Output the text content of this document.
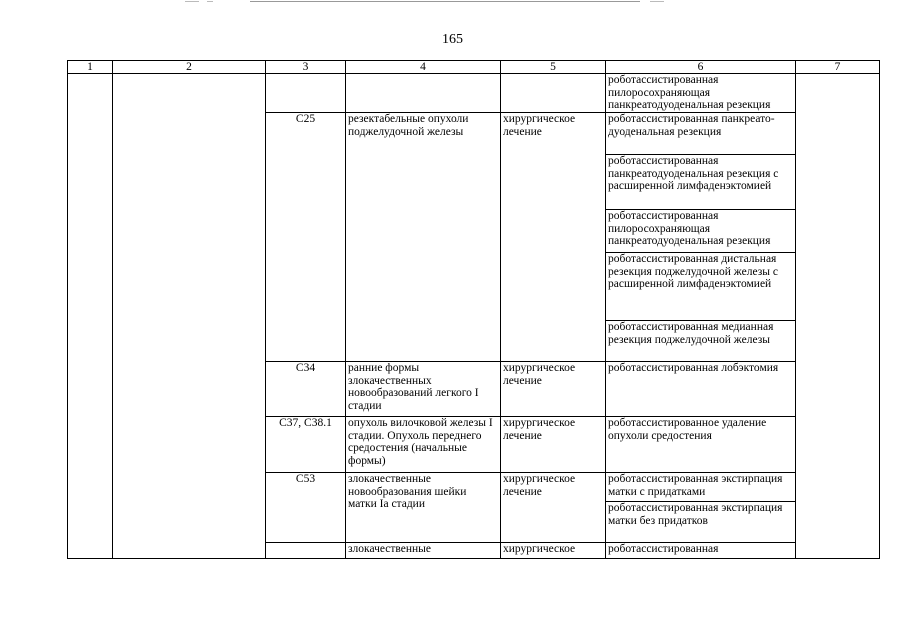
165
1	2	3	4	5	6	7
					роботассистированная пилоросохраняющая панкреатодуоденальная резекция	
		C25	резектабельные опухоли поджелудочной железы	хирургическое лечение	роботассистированная панкреато-дуоденальная резекция	
					роботассистированная панкреатодуоденальная резекция с расширенной лимфаденэктомией	
					роботассистированная пилоросохраняющая панкреатодуоденальная резекция	
					роботассистированная дистальная резекция поджелудочной железы с расширенной лимфаденэктомией	
					роботассистированная медианная резекция поджелудочной железы	
		C34	ранние формы злокачественных новообразований легкого I стадии	хирургическое лечение	роботассистированная лобэктомия	
		C37, C38.1	опухоль вилочковой железы I стадии. Опухоль переднего средостения (начальные формы)	хирургическое лечение	роботассистированное удаление опухоли средостения	
		C53	злокачественные новообразования шейки матки Ia стадии	хирургическое лечение	роботассистированная экстирпация матки с придатками	
					роботассистированная экстирпация матки без придатков	
			злокачественные	хирургическое	роботассистированная	
